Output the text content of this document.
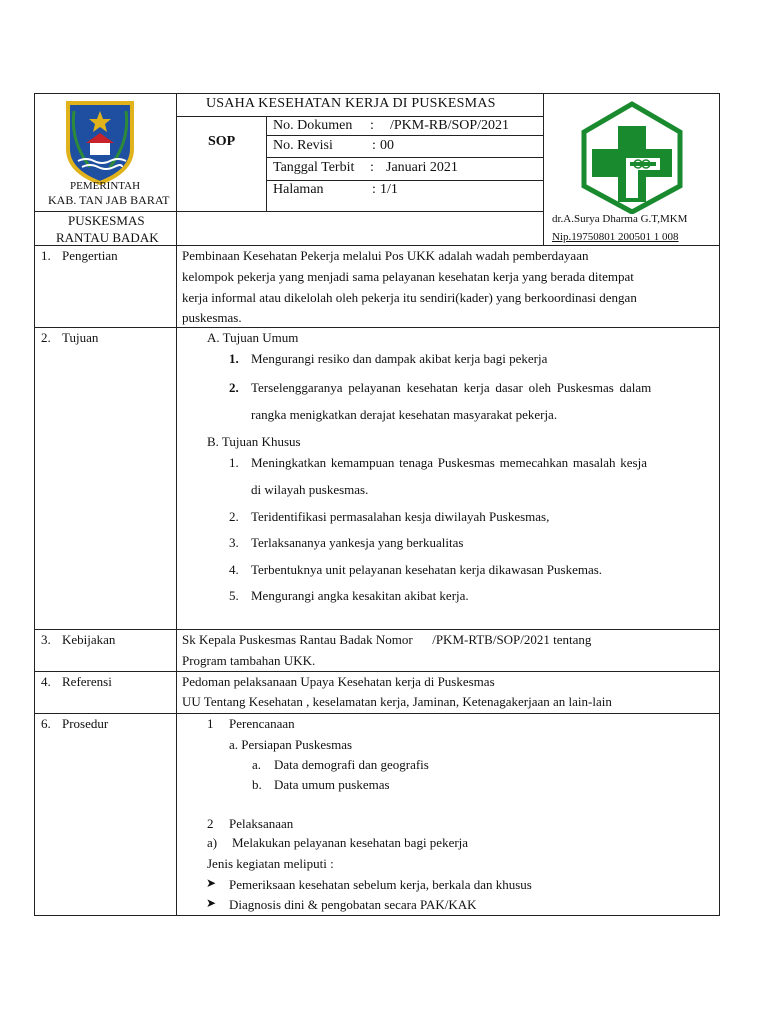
PEMERINTAH
KAB. TAN JAB BARAT
USAHA KESEHATAN KERJA DI PUSKESMAS
SOP
No. Dokumen : /PKM-RB/SOP/2021
No. Revisi	: 00
Tanggal Terbit : Januari 2021
Halaman	: 1/1
PUSKESMAS
RANTAU BADAK
dr.A.Surya Dharma G.T,MKM
Nip.19750801 200501 1 008
1. Pengertian	Pembinaan Kesehatan Pekerja melalui Pos UKK adalah wadah pemberdayaan
kelompok pekerja yang menjadi sama pelayanan kesehatan kerja yang berada ditempat
kerja informal atau dikelolah oleh pekerja itu sendiri(kader) yang berkoordinasi dengan
puskesmas.
2. Tujuan	A. Tujuan Umum
1. Mengurangi resiko dan dampak akibat kerja bagi pekerja
2. Terselenggaranya pelayanan kesehatan kerja dasar oleh Puskesmas dalam
rangka menigkatkan derajat kesehatan masyarakat pekerja.
B. Tujuan Khusus
1. Meningkatkan kemampuan tenaga Puskesmas memecahkan masalah kesja
di wilayah puskesmas.
2. Teridentifikasi permasalahan kesja diwilayah Puskesmas,
3. Terlaksananya yankesja yang berkualitas
4. Terbentuknya unit pelayanan kesehatan kerja dikawasan Puskemas.
5. Mengurangi angka kesakitan akibat kerja.
3. Kebijakan	Sk Kepala Puskesmas Rantau Badak Nomor      /PKM-RTB/SOP/2021 tentang
Program tambahan UKK.
4. Referensi	Pedoman pelaksanaan Upaya Kesehatan kerja di Puskesmas
UU Tentang Kesehatan , keselamatan kerja, Jaminan, Ketenagakerjaan an lain-lain
6. Prosedur	1 Perencanaan
a. Persiapan Puskesmas
a. Data demografi dan geografis
b. Data umum puskemas
2 Pelaksanaan
a) Melakukan pelayanan kesehatan bagi pekerja
Jenis kegiatan meliputi :
➤ Pemeriksaan kesehatan sebelum kerja, berkala dan khusus
➤ Diagnosis dini & pengobatan secara PAK/KAK
